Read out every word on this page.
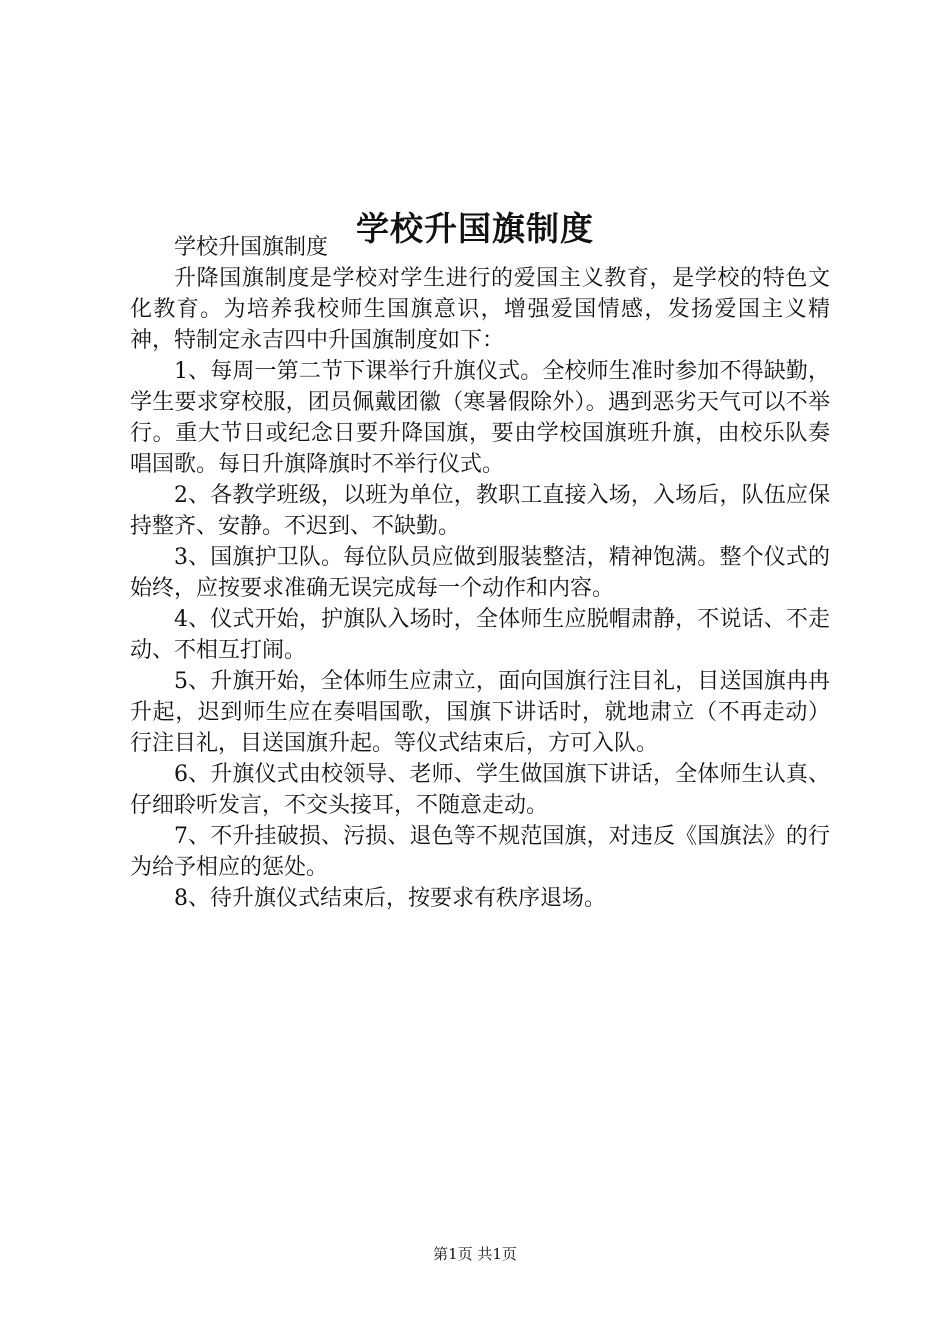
学校升国旗制度

学校升国旗制度

升降国旗制度是学校对学生进行的爱国主义教育，是学校的特色文化教育。为培养我校师生国旗意识，增强爱国情感，发扬爱国主义精神，特制定永吉四中升国旗制度如下：

1、每周一第二节下课举行升旗仪式。全校师生准时参加不得缺勤，学生要求穿校服，团员佩戴团徽（寒暑假除外）。遇到恶劣天气可以不举行。重大节日或纪念日要升降国旗，要由学校国旗班升旗，由校乐队奏唱国歌。每日升旗降旗时不举行仪式。

2、各教学班级，以班为单位，教职工直接入场，入场后，队伍应保持整齐、安静。不迟到、不缺勤。

3、国旗护卫队。每位队员应做到服装整洁，精神饱满。整个仪式的始终，应按要求准确无误完成每一个动作和内容。

4、仪式开始，护旗队入场时，全体师生应脱帽肃静，不说话、不走动、不相互打闹。

5、升旗开始，全体师生应肃立，面向国旗行注目礼，目送国旗冉冉升起，迟到师生应在奏唱国歌，国旗下讲话时，就地肃立（不再走动）行注目礼，目送国旗升起。等仪式结束后，方可入队。

6、升旗仪式由校领导、老师、学生做国旗下讲话，全体师生认真、仔细聆听发言，不交头接耳，不随意走动。

7、不升挂破损、污损、退色等不规范国旗，对违反《国旗法》的行为给予相应的惩处。

8、待升旗仪式结束后，按要求有秩序退场。

第1页 共1页
